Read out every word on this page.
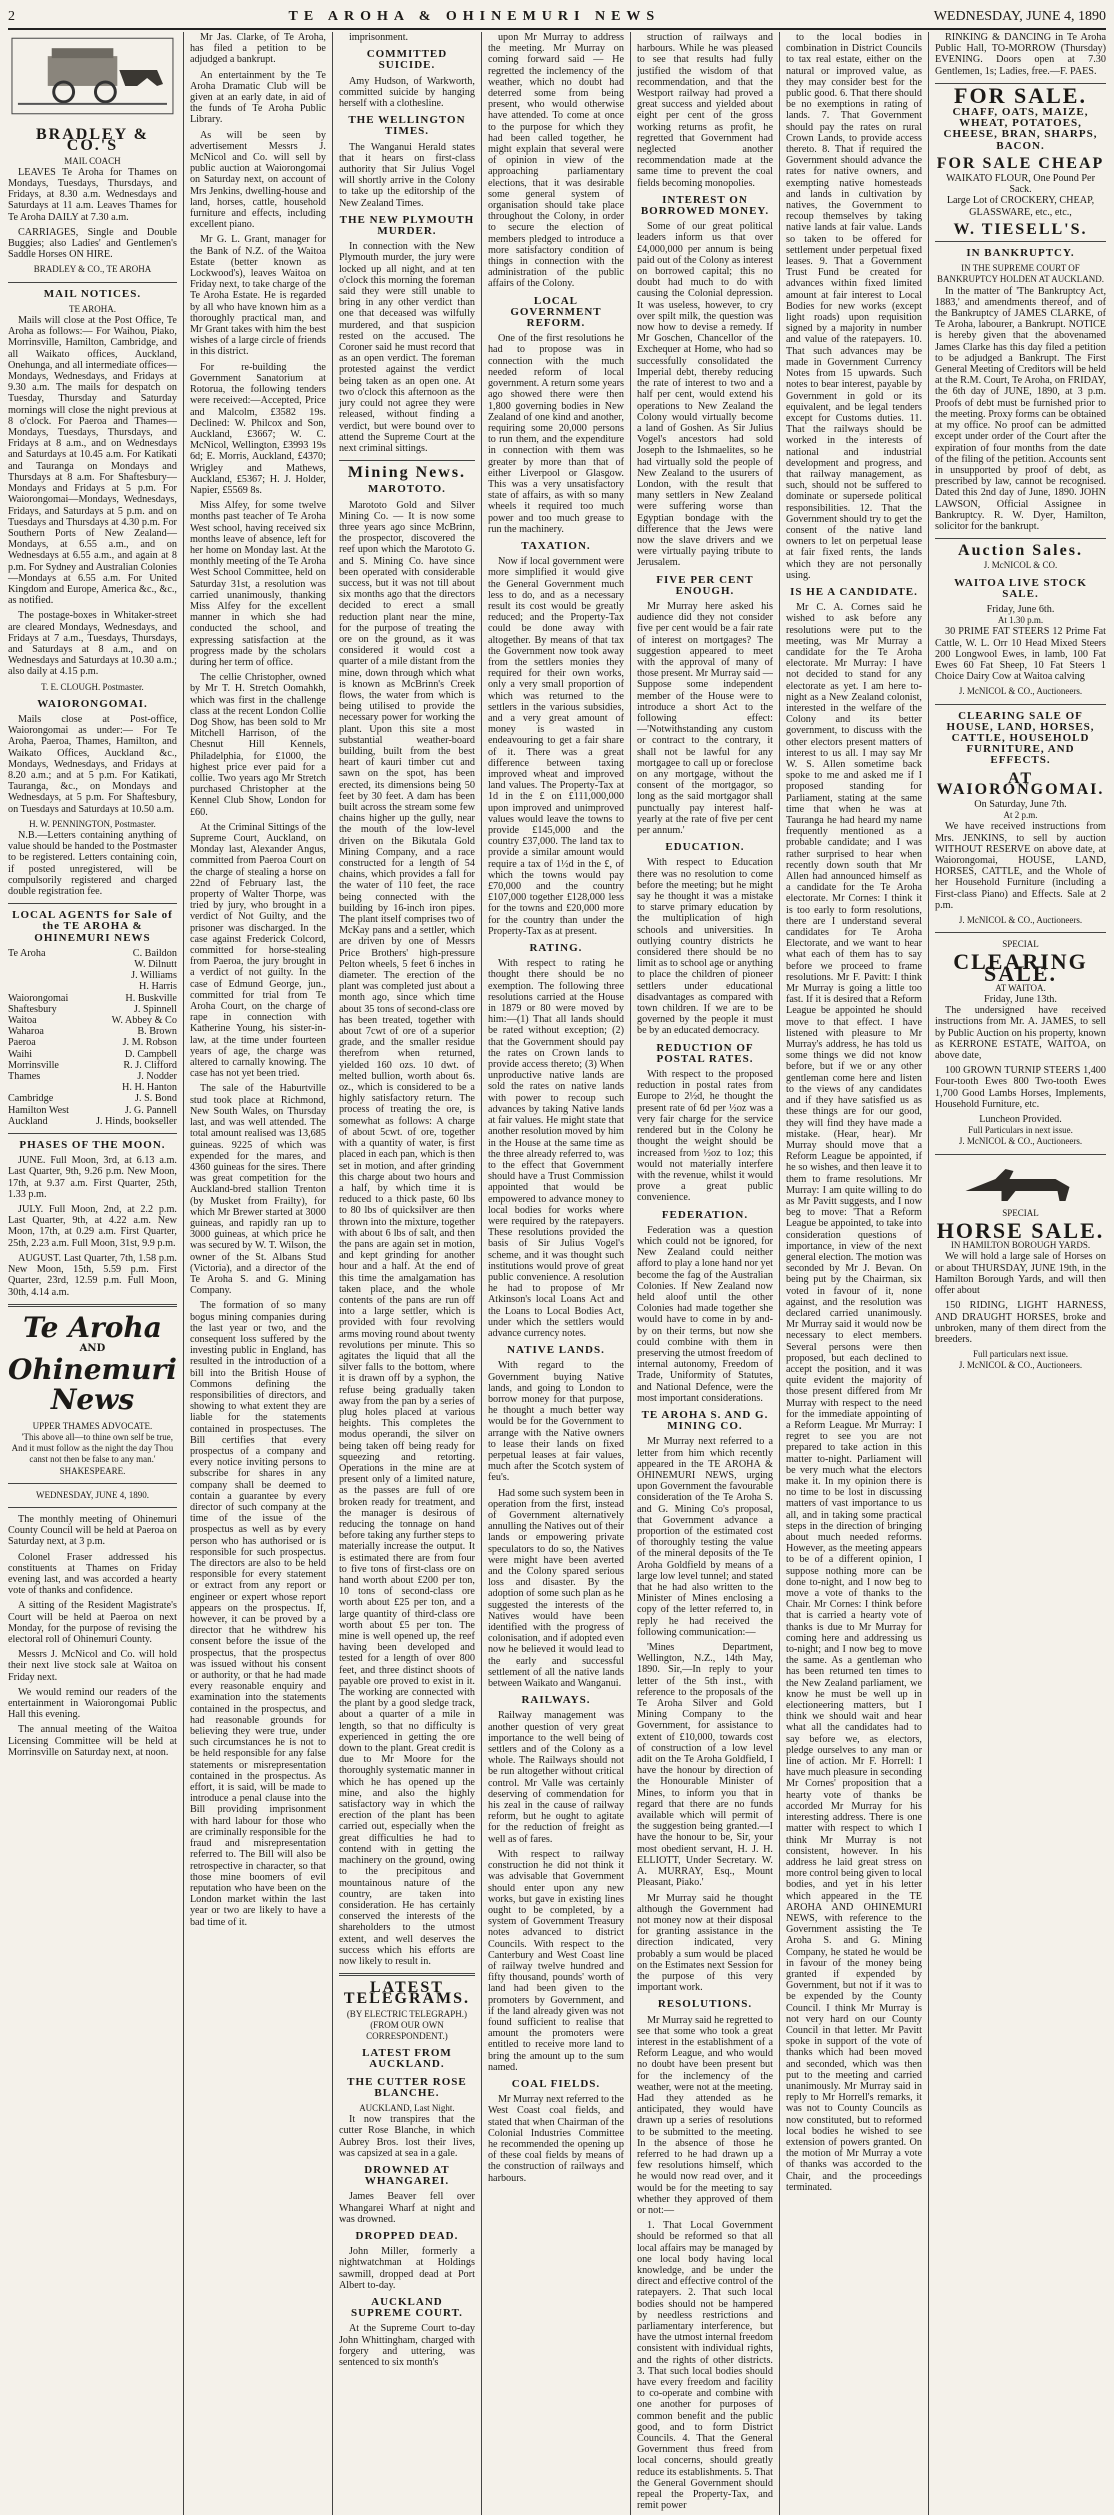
2	TE AROHA & OHINEMURI NEWS	WEDNESDAY, JUNE 4, 1890
BRADLEY & CO.'S
MAIL COACH

LEAVES Te Aroha for Thames on Mondays, Tuesdays, Thursdays, and Fridays, at 8.30 a.m. Wednesdays and Saturdays at 11 a.m. Leaves Thames for Te Aroha DAILY at 7.30 a.m.

CARRIAGES, Single and Double Buggies; also Ladies' and Gentlemen's Saddle Horses ON HIRE.

BRADLEY & CO., TE AROHA
MAIL NOTICES.
TE AROHA.

Mails will close at the Post Office, Te Aroha as follows:— For Waihou, Piako, Morrinsville, Hamilton, Cambridge, and all Waikato offices, Auckland, Onehunga, and all intermediate offices—Mondays, Wednesdays, and Fridays at 9.30 a.m. The mails for despatch on Tuesday, Thursday and Saturday mornings will close the night previous at 8 o'clock. For Paeroa and Thames—Mondays, Tuesdays, Thursdays, and Fridays at 8 a.m., and on Wednesdays and Saturdays at 10.45 a.m. For Katikati and Tauranga on Mondays and Thursdays at 8 a.m. For Shaftesbury—Mondays and Fridays at 5 p.m. For Waiorongomai—Mondays, Wednesdays, Fridays, and Saturdays at 5 p.m. and on Tuesdays and Thursdays at 4.30 p.m. For Southern Ports of New Zealand—Mondays, at 6.55 a.m., and on Wednesdays at 6.55 a.m., and again at 8 p.m. For Sydney and Australian Colonies—Mondays at 6.55 a.m. For United Kingdom and Europe, America &c., &c., as notified.

The postage-boxes in Whitaker-street are cleared Mondays, Wednesdays, and Fridays at 7 a.m., Tuesdays, Thursdays, and Saturdays at 8 a.m., and on Wednesdays and Saturdays at 10.30 a.m.; also daily at 4.15 p.m.

T. E. CLOUGH. Postmaster.
WAIORONGOMAI.

Mails close at Post-office, Waiorongomai as under:— For Te Aroha, Paeroa, Thames, Hamilton, and Waikato Offices, Auckland &c., Mondays, Wednesdays, and Fridays at 8.20 a.m.; and at 5 p.m. For Katikati, Tauranga, &c., on Mondays and Wednesdays, at 5 p.m. For Shaftesbury, on Tuesdays and Saturdays at 10.50 a.m.

H. W. PENNINGTON, Postmaster.

N.B.—Letters containing anything of value should be handed to the Postmaster to be registered. Letters containing coin, if posted unregistered, will be compulsorily registered and charged double registration fee.

LOCAL AGENTS for Sale of the TE AROHA & OHINEMURI NEWS
Te Aroha	C. Baildon
W. Dilnutt
J. Williams
H. Harris
Waiorongomai	H. Buskville
Shaftesbury	J. Spinnell
Waitoa	W. Abbey & Co
Waharoa	B. Brown
Paeroa	J. M. Robson
Waihi	D. Campbell
Morrinsville	R. J. Clifford
Thames	J. Nodder
H. H. Hanton
Cambridge	J. S. Bond
Hamilton West	J. G. Pannell
Auckland	J. Hinds, bookseller
PHASES OF THE MOON.

JUNE. Full Moon, 3rd, at 6.13 a.m. Last Quarter, 9th, 9.26 p.m. New Moon, 17th, at 9.37 a.m. First Quarter, 25th, 1.33 p.m.

JULY. Full Moon, 2nd, at 2.2 p.m. Last Quarter, 9th, at 4.22 a.m. New Moon, 17th, at 0.29 a.m. First Quarter, 25th, 2.23 a.m. Full Moon, 31st, 9.9 p.m.

AUGUST. Last Quarter, 7th, 1.58 p.m. New Moon, 15th, 5.59 p.m. First Quarter, 23rd, 12.59 p.m. Full Moon, 30th, 4.14 a.m.

Te Aroha
AND
Ohinemuri News
UPPER THAMES ADVOCATE.

'This above all—to thine own self be true, And it must follow as the night the day Thou canst not then be false to any man.' SHAKESPEARE.

WEDNESDAY, JUNE 4, 1890.

The monthly meeting of Ohinemuri County Council will be held at Paeroa on Saturday next, at 3 p.m.

Colonel Fraser addressed his constituents at Thames on Friday evening last, and was accorded a hearty vote of thanks and confidence.

A sitting of the Resident Magistrate's Court will be held at Paeroa on next Monday, for the purpose of revising the electoral roll of Ohinemuri County.

Messrs J. McNicol and Co. will hold their next live stock sale at Waitoa on Friday next.

We would remind our readers of the entertainment in Waiorongomai Public Hall this evening.

The annual meeting of the Waitoa Licensing Committee will be held at Morrinsville on Saturday next, at noon.

Mr Jas. Clarke, of Te Aroha, has filed a petition to be adjudged a bankrupt.

An entertainment by the Te Aroha Dramatic Club will be given at an early date, in aid of the funds of Te Aroha Public Library.

As will be seen by advertisement Messrs J. McNicol and Co. will sell by public auction at Waiorongomai on Saturday next, on account of Mrs Jenkins, dwelling-house and land, horses, cattle, household furniture and effects, including excellent piano.

Mr G. L. Grant, manager for the Bank of N.Z. of the Waitoa Estate (better known as Lockwood's), leaves Waitoa on Friday next, to take charge of the Te Aroha Estate. He is regarded by all who have known him as a thoroughly practical man, and Mr Grant takes with him the best wishes of a large circle of friends in this district.

For re-building the Government Sanatorium at Rotorua, the following tenders were received:—Accepted, Price and Malcolm, £3582 19s. Declined: W. Philcox and Son, Auckland, £3667; W. C. McNicol, Wellington, £3993 19s 6d; E. Morris, Auckland, £4370; Wrigley and Mathews, Auckland, £5367; H. J. Holder, Napier, £5569 8s.

Miss Alfey, for some twelve months past teacher of Te Aroha West school, having received six months leave of absence, left for her home on Monday last. At the monthly meeting of the Te Aroha West School Committee, held on Saturday 31st, a resolution was carried unanimously, thanking Miss Alfey for the excellent manner in which she had conducted the school, and expressing satisfaction at the progress made by the scholars during her term of office.

The cellie Christopher, owned by Mr T. H. Stretch Oomahkh, which was first in the challenge class at the recent London Collie Dog Show, has been sold to Mr Mitchell Harrison, of the Chesnut Hill Kennels, Philadelphia, for £1000, the highest price ever paid for a collie. Two years ago Mr Stretch purchased Christopher at the Kennel Club Show, London for £60.

At the Criminal Sittings of the Supreme Court, Auckland, on Monday last, Alexander Angus, committed from Paeroa Court on the charge of stealing a horse on 22nd of February last, the property of Walter Thorpe, was tried by jury, who brought in a verdict of Not Guilty, and the prisoner was discharged. In the case against Frederick Colcord, committed for horse-stealing from Paeroa, the jury brought in a verdict of not guilty. In the case of Edmund George, jun., committed for trial from Te Aroha Court, on the charge of rape in connection with Katherine Young, his sister-in-law, at the time under fourteen years of age, the charge was altered to carnally knowing. The case has not yet been tried.

The sale of the Haburtville stud took place at Richmond, New South Wales, on Thursday last, and was well attended. The total amount realised was 13,685 guineas. 9225 of which was expended for the mares, and 4360 guineas for the sires. There was great competition for the Auckland-bred stallion Trenton (by Musket from Frailty), for which Mr Brewer started at 3000 guineas, and rapidly ran up to 3000 guineas, at which price he was secured by W. T. Wilson, the owner of the St. Albans Stud (Victoria), and a director of the Te Aroha S. and G. Mining Company.

The formation of so many bogus mining companies during the last year or two, and the consequent loss suffered by the investing public in England, has resulted in the introduction of a bill into the British House of Commons defining the responsibilities of directors, and showing to what extent they are liable for the statements contained in prospectuses. The Bill certifies that every prospectus of a company and every notice inviting persons to subscribe for shares in any company shall be deemed to contain a guarantee by every director of such company at the time of the issue of the prospectus as well as by every person who has authorised or is responsible for such prospectus. The directors are also to be held responsible for every statement or extract from any report or engineer or expert whose report appears on the prospectus. If, however, it can be proved by a director that he withdrew his consent before the issue of the prospectus, that the prospectus was issued without his consent or authority, or that he had made every reasonable enquiry and examination into the statements contained in the prospectus, and had reasonable grounds for believing they were true, under such circumstances he is not to be held responsible for any false statements or misrepresentation contained in the prospectus. As effort, it is said, will be made to introduce a penal clause into the Bill providing imprisonment with hard labour for those who are criminally responsible for the fraud and misrepresentation referred to. The Bill will also be retrospective in character, so that those mine boomers of evil reputation who have been on the London market within the last year or two are likely to have a bad time of it.

imprisonment.

COMMITTED SUICIDE.

Amy Hudson, of Warkworth, committed suicide by hanging herself with a clothesline.

THE WELLINGTON TIMES.

The Wanganui Herald states that it hears on first-class authority that Sir Julius Vogel will shortly arrive in the Colony to take up the editorship of the New Zealand Times.

THE NEW PLYMOUTH MURDER.

In connection with the New Plymouth murder, the jury were locked up all night, and at ten o'clock this morning the foreman said they were still unable to bring in any other verdict than one that deceased was wilfully murdered, and that suspicion rested on the accused. The Coroner said he must record that as an open verdict. The foreman protested against the verdict being taken as an open one. At two o'clock this afternoon as the jury could not agree they were released, without finding a verdict, but were bound over to attend the Supreme Court at the next criminal sittings.

Mining News.
MAROTOTO.

Marototo Gold and Silver Mining Co. — It is now some three years ago since McBrinn, the prospector, discovered the reef upon which the Marototo G. and S. Mining Co. have since been operated with considerable success, but it was not till about six months ago that the directors decided to erect a small reduction plant near the mine, for the purpose of treating the ore on the ground, as it was considered it would cost a quarter of a mile distant from the mine, down through which what is known as McBrinn's Creek flows, the water from which is being utilised to provide the necessary power for working the plant. Upon this site a most substantial weather-board building, built from the best heart of kauri timber cut and sawn on the spot, has been erected, its dimensions being 50 feet by 30 feet. A dam has been built across the stream some few chains higher up the gully, near the mouth of the low-level driven on the Bikutala Gold Mining Company, and a race constructed for a length of 54 chains, which provides a fall for the water of 110 feet, the race being connected with the building by 16-inch iron pipes. The plant itself comprises two of McKay pans and a settler, which are driven by one of Messrs Price Brothers' high-pressure Pelton wheels, 5 feet 6 inches in diameter. The erection of the plant was completed just about a month ago, since which time about 35 tons of second-class ore has been treated, together with about 7cwt of ore of a superior grade, and the smaller residue therefrom when returned, yielded 160 ozs. 10 dwt. of melted bullion, worth about 6s. oz., which is considered to be a highly satisfactory return. The process of treating the ore, is somewhat as follows: A charge of about 5cwt. of ore, together with a quantity of water, is first placed in each pan, which is then set in motion, and after grinding this charge about two hours and a half, by which time it is reduced to a thick paste, 60 lbs to 80 lbs of quicksilver are then thrown into the mixture, together with about 6 lbs of salt, and then the pans are again set in motion, and kept grinding for another hour and a half. At the end of this time the amalgamation has taken place, and the whole contents of the pans are run off into a large settler, which is provided with four revolving arms moving round about twenty revolutions per minute. This so agitates the liquid that all the silver falls to the bottom, where it is drawn off by a syphon, the refuse being gradually taken away from the pan by a series of plug holes placed at various heights. This completes the modus operandi, the silver on being taken off being ready for squeezing and retorting. Operations in the mine are at present only of a limited nature, as the passes are full of ore broken ready for treatment, and the manager is desirous of reducing the tonnage on hand before taking any further steps to materially increase the output. It is estimated there are from four to five tons of first-class ore on hand worth about £200 per ton, 10 tons of second-class ore worth about £25 per ton, and a large quantity of third-class ore worth about £5 per ton. The mine is well opened up, the reef having been developed and tested for a length of over 800 feet, and three distinct shoots of payable ore proved to exist in it. The working are connected with the plant by a good sledge track, about a quarter of a mile in length, so that no difficulty is experienced in getting the ore down to the plant. Great credit is due to Mr Moore for the thoroughly systematic manner in which he has opened up the mine, and also the highly satisfactory way in which the erection of the plant has been carried out, especially when the great difficulties he had to contend with in getting the machinery on the ground, owing to the precipitous and mountainous nature of the country, are taken into consideration. He has certainly conserved the interests of the shareholders to the utmost extent, and well deserves the success which his efforts are now likely to result in.

LATEST TELEGRAMS.
(BY ELECTRIC TELEGRAPH.)
(FROM OUR OWN CORRESPONDENT.)
LATEST FROM AUCKLAND.
THE CUTTER ROSE BLANCHE.
AUCKLAND, Last Night.

It now transpires that the cutter Rose Blanche, in which Aubrey Bros. lost their lives, was capsized at sea in a gale.

DROWNED AT WHANGAREI.

James Beaver fell over Whangarei Wharf at night and was drowned.

DROPPED DEAD.

John Miller, formerly a nightwatchman at Holdings sawmill, dropped dead at Port Albert to-day.

AUCKLAND SUPREME COURT.

At the Supreme Court to-day John Whittingham, charged with forgery and uttering, was sentenced to six month's

upon Mr Murray to address the meeting. Mr Murray on coming forward said — He regretted the inclemency of the weather, which no doubt had deterred some from being present, who would otherwise have attended. To come at once to the purpose for which they had been called together, he might explain that several were of opinion in view of the approaching parliamentary elections, that it was desirable some general system of organisation should take place throughout the Colony, in order to secure the election of members pledged to introduce a more satisfactory condition of things in connection with the administration of the public affairs of the Colony.

LOCAL GOVERNMENT REFORM.

One of the first resolutions he had to propose was in connection with the much needed reform of local government. A return some years ago showed there were then 1,800 governing bodies in New Zealand of one kind and another, requiring some 20,000 persons to run them, and the expenditure in connection with them was greater by more than that of either Liverpool or Glasgow. This was a very unsatisfactory state of affairs, as with so many wheels it required too much power and too much grease to run the machinery.

TAXATION.

Now if local government were more simplified it would give the General Government much less to do, and as a necessary result its cost would be greatly reduced; and the Property-Tax could be done away with altogether. By means of that tax the Government now took away from the settlers monies they required for their own works, only a very small proportion of which was returned to the settlers in the various subsidies, and a very great amount of money is wasted in endeavouring to get a fair share of it. There was a great difference between taxing improved wheat and improved land values. The Property-Tax at 1d in the £ on £111,000,000 upon improved and unimproved values would leave the towns to provide £145,000 and the country £37,000. The land tax to provide a similar amount would require a tax of 1½d in the £, of which the towns would pay £70,000 and the country £107,000 together £128,000 less for the towns and £20,000 more for the country than under the Property-Tax as at present.

RATING.

With respect to rating he thought there should be no exemption. The following three resolutions carried at the House in 1879 or 80 were moved by him:—(1) That all lands should be rated without exception; (2) that the Government should pay the rates on Crown lands to provide access thereto; (3) When unproductive native lands are sold the rates on native lands with power to recoup such advances by taking Native lands at fair values. He might state that another resolution moved by him in the House at the same time as the three already referred to, was to the effect that Government should have a Trust Commission appointed that would be empowered to advance money to local bodies for works where were required by the ratepayers. These resolutions provided the basis of Sir Julius Vogel's scheme, and it was thought such institutions would prove of great public convenience. A resolution he had to propose of Mr Atkinson's local Loans Act and the Loans to Local Bodies Act, under which the settlers would advance currency notes.

NATIVE LANDS.

With regard to the Government buying Native lands, and going to London to borrow money for that purpose, he thought a much better way would be for the Government to arrange with the Native owners to lease their lands on fixed perpetual leases at fair values, much after the Scotch system of feu's.

Had some such system been in operation from the first, instead of Government alternatively annulling the Natives out of their lands or empowering private speculators to do so, the Natives were might have been averted and the Colony spared serious loss and disaster. By the adoption of some such plan as he suggested the interests of the Natives would have been identified with the progress of colonisation, and if adopted even now he believed it would lead to the early and successful settlement of all the native lands between Waikato and Wanganui.

RAILWAYS.

Railway management was another question of very great importance to the well being of settlers and of the Colony as a whole. The Railways should not be run altogether without critical control. Mr Valle was certainly deserving of commendation for his zeal in the cause of railway reform, but he ought to agitate for the reduction of freight as well as of fares.

With respect to railway construction he did not think it was advisable that Government should enter upon any new works, but gave in existing lines ought to be completed, by a system of Government Treasury notes advanced to district Councils. With respect to the Canterbury and West Coast line of railway twelve hundred and fifty thousand, pounds' worth of land had been given to the promoters by Government, and if the land already given was not found sufficient to realise that amount the promoters were entitled to receive more land to bring the amount up to the sum named.

COAL FIELDS.

Mr Murray next referred to the West Coast coal fields, and stated that when Chairman of the Colonial Industries Committee he recommended the opening up of these coal fields by means of the construction of railways and harbours.

struction of railways and harbours. While he was pleased to see that results had fully justified the wisdom of that recommendation, and that the Westport railway had proved a great success and yielded about eight per cent of the gross working returns as profit, he regretted that Government had neglected another recommendation made at the same time to prevent the coal fields becoming monopolies.

INTEREST ON BORROWED MONEY.

Some of our great political leaders inform us that over £4,000,000 per annum is being paid out of the Colony as interest on borrowed capital; this no doubt had much to do with causing the Colonial depression. It was useless, however, to cry over spilt milk, the question was now how to devise a remedy. If Mr Goschen, Chancellor of the Exchequer at Home, who had so successfully consolidated the Imperial debt, thereby reducing the rate of interest to two and a half per cent, would extend his operations to New Zealand the Colony would virtually become a land of Goshen. As Sir Julius Vogel's ancestors had sold Joseph to the Ishmaelites, so he had virtually sold the people of New Zealand to the usurers of London, with the result that many settlers in New Zealand were suffering worse than Egyptian bondage with the difference that the Jews were now the slave drivers and we were virtually paying tribute to Jerusalem.

FIVE PER CENT ENOUGH.

Mr Murray here asked his audience did they not consider five per cent would be a fair rate of interest on mortgages? The suggestion appeared to meet with the approval of many of those present. Mr Murray said — Suppose some independent member of the House were to introduce a short Act to the following effect:—'Notwithstanding any custom or contract to the contrary, it shall not be lawful for any mortgagee to call up or foreclose on any mortgage, without the consent of the mortgagor, so long as the said mortgagor shall punctually pay interest half-yearly at the rate of five per cent per annum.'

EDUCATION.

With respect to Education there was no resolution to come before the meeting; but he might say he thought it was a mistake to starve primary education by the multiplication of high schools and universities. In outlying country districts he considered there should be no limit as to school age or anything to place the children of pioneer settlers under educational disadvantages as compared with town children. If we are to be governed by the people it must be by an educated democracy.

REDUCTION OF POSTAL RATES.

With respect to the proposed reduction in postal rates from Europe to 2½d, he thought the present rate of 6d per ½oz was a very fair charge for the service rendered but in the Colony he thought the weight should be increased from ½oz to 1oz; this would not materially interfere with the revenue, whilst it would prove a great public convenience.

FEDERATION.

Federation was a question which could not be ignored, for New Zealand could neither afford to play a lone hand nor yet become the fag of the Australian Colonies. If New Zealand now held aloof until the other Colonies had made together she would have to come in by and-by on their terms, but now she could combine with them in preserving the utmost freedom of internal autonomy, Freedom of Trade, Uniformity of Statutes, and National Defence, were the most important considerations.

TE AROHA S. AND G. MINING CO.

Mr Murray next referred to a letter from him which recently appeared in the TE AROHA & OHINEMURI NEWS, urging upon Government the favourable consideration of the Te Aroha S. and G. Mining Co's proposal, that Government advance a proportion of the estimated cost of thoroughly testing the value of the mineral deposits of the Te Aroha Goldfield by means of a large low level tunnel; and stated that he had also written to the Minister of Mines enclosing a copy of the letter referred to, in reply he had received the following communication:—

'Mines Department, Wellington, N.Z., 14th May, 1890. Sir,—In reply to your letter of the 5th inst., with reference to the proposals of the Te Aroha Silver and Gold Mining Company to the Government, for assistance to extent of £10,000, towards cost of construction of a low level adit on the Te Aroha Goldfield, I have the honour by direction of the Honourable Minister of Mines, to inform you that in regard that there are no funds available which will permit of the suggestion being granted.—I have the honour to be, Sir, your most obedient servant, H. J. H. ELLIOTT, Under Secretary. W. A. MURRAY, Esq., Mount Pleasant, Piako.'

Mr Murray said he thought although the Government had not money now at their disposal for granting assistance in the direction indicated, very probably a sum would be placed on the Estimates next Session for the purpose of this very important work.

RESOLUTIONS.

Mr Murray said he regretted to see that some who took a great interest in the establishment of a Reform League, and who would no doubt have been present but for the inclemency of the weather, were not at the meeting. Had they attended as he anticipated, they would have drawn up a series of resolutions to be submitted to the meeting. In the absence of those he referred to he had drawn up a few resolutions himself, which he would now read over, and it would be for the meeting to say whether they approved of them or not:—

1. That Local Government should be reformed so that all local affairs may be managed by one local body having local knowledge, and be under the direct and effective control of the ratepayers. 2. That such local bodies should not be hampered by needless restrictions and parliamentary interference, but have the utmost internal freedom consistent with individual rights, and the rights of other districts. 3. That such local bodies should have every freedom and facility to co-operate and combine with one another for purposes of common benefit and the public good, and to form District Councils. 4. That the General Government thus freed from local concerns, should greatly reduce its establishments. 5. That the General Government should repeal the Property-Tax, and remit power

to the local bodies in combination in District Councils to tax real estate, either on the natural or improved value, as they may consider best for the public good. 6. That there should be no exemptions in rating of lands. 7. That Government should pay the rates on rural Crown Lands, to provide access thereto. 8. That if required the Government should advance the rates for native owners, and exempting native homesteads and lands in cultivation by natives, the Government to recoup themselves by taking native lands at fair value. Lands so taken to be offered for settlement under perpetual fixed leases. 9. That a Government Trust Fund be created for advances within fixed limited amount at fair interest to Local Bodies for new works (except light roads) upon requisition signed by a majority in number and value of the ratepayers. 10. That such advances may be made in Government Currency Notes from 15 upwards. Such notes to bear interest, payable by Government in gold or its equivalent, and be legal tenders except for Customs duties. 11. That the railways should be worked in the interests of national and industrial development and progress, and that railway management, as such, should not be suffered to dominate or supersede political responsibilities. 12. That the Government should try to get the consent of the native land owners to let on perpetual lease at fair fixed rents, the lands which they are not personally using.

IS HE A CANDIDATE.

Mr C. A. Cornes said he wished to ask before any resolutions were put to the meeting, was Mr Murray a candidate for the Te Aroha electorate. Mr Murray: I have not decided to stand for any electorate as yet. I am here to-night as a New Zealand colonist, interested in the welfare of the Colony and its better government, to discuss with the other electors present matters of interest to us all. I may say Mr W. S. Allen sometime back spoke to me and asked me if I proposed standing for Parliament, stating at the same time that when he was at Tauranga he had heard my name frequently mentioned as a probable candidate; and I was rather surprised to hear when recently down south that Mr Allen had announced himself as a candidate for the Te Aroha electorate. Mr Cornes: I think it is too early to form resolutions, there are I understand several candidates for Te Aroha Electorate, and we want to hear what each of them has to say before we proceed to frame resolutions. Mr F. Pavitt: I think Mr Murray is going a little too fast. If it is desired that a Reform League be appointed he should move to that effect. I have listened with pleasure to Mr Murray's address, he has told us some things we did not know before, but if we or any other gentleman come here and listen to the views of any candidates and if they have satisfied us as these things are for our good, they will find they have made a mistake. (Hear, hear). Mr Murray should move that a Reform League be appointed, if he so wishes, and then leave it to them to frame resolutions. Mr Murray: I am quite willing to do as Mr Pavitt suggests, and I now beg to move: 'That a Reform League be appointed, to take into consideration questions of importance, in view of the next general election. The motion was seconded by Mr J. Bevan. On being put by the Chairman, six voted in favour of it, none against, and the resolution was declared carried unanimously. Mr Murray said it would now be necessary to elect members. Several persons were then proposed, but each declined to accept the position, and it was quite evident the majority of those present differed from Mr Murray with respect to the need for the immediate appointing of a Reform League. Mr Murray: I regret to see you are not prepared to take action in this matter to-night. Parliament will be very much what the electors make it. In my opinion there is no time to be lost in discussing matters of vast importance to us all, and in taking some practical steps in the direction of bringing about much needed reforms. However, as the meeting appears to be of a different opinion, I suppose nothing more can be done to-night, and I now beg to move a vote of thanks to the Chair. Mr Cornes: I think before that is carried a hearty vote of thanks is due to Mr Murray for coming here and addressing us to-night; and I now beg to move the same. As a gentleman who has been returned ten times to the New Zealand parliament, we know he must be well up in electioneering matters, but I think we should wait and hear what all the candidates had to say before we, as electors, pledge ourselves to any man or line of action. Mr F. Horrell: I have much pleasure in seconding Mr Cornes' proposition that a hearty vote of thanks be accorded Mr Murray for his interesting address. There is one matter with respect to which I think Mr Murray is not consistent, however. In his address he laid great stress on more control being given to local bodies, and yet in his letter which appeared in the TE AROHA AND OHINEMURI NEWS, with reference to the Government assisting the Te Aroha S. and G. Mining Company, he stated he would be in favour of the money being granted if expended by Government, but not if it was to be expended by the County Council. I think Mr Murray is not very hard on our County Council in that letter. Mr Pavitt spoke in support of the vote of thanks which had been moved and seconded, which was then put to the meeting and carried unanimously. Mr Murray said in reply to Mr Horrell's remarks, it was not to County Councils as now constituted, but to reformed local bodies he wished to see extension of powers granted. On the motion of Mr Murray a vote of thanks was accorded to the Chair, and the proceedings terminated.

RINKING & DANCING in Te Aroha Public Hall, TO-MORROW (Thursday) EVENING. Doors open at 7.30 Gentlemen, 1s; Ladies, free.—F. PAES.

FOR SALE.
CHAFF, OATS, MAIZE, WHEAT, POTATOES, CHEESE, BRAN, SHARPS, BACON.
FOR SALE CHEAP
WAIKATO FLOUR, One Pound Per Sack.
Large Lot of CROCKERY, CHEAP, GLASSWARE, etc., etc.,
W. TIESELL'S.
IN BANKRUPTCY.
IN THE SUPREME COURT OF BANKRUPTCY HOLDEN AT AUCKLAND.

In the matter of 'The Bankruptcy Act, 1883,' and amendments thereof, and of the Bankruptcy of JAMES CLARKE, of Te Aroha, labourer, a Bankrupt. NOTICE is hereby given that the abovenamed James Clarke has this day filed a petition to be adjudged a Bankrupt. The First General Meeting of Creditors will be held at the R.M. Court, Te Aroha, on FRIDAY, the 6th day of JUNE, 1890, at 3 p.m. Proofs of debt must be furnished prior to the meeting. Proxy forms can be obtained at my office. No proof can be admitted except under order of the Court after the expiration of four months from the date of the filing of the petition. Accounts sent in unsupported by proof of debt, as prescribed by law, cannot be recognised. Dated this 2nd day of June, 1890. JOHN LAWSON, Official Assignee in Bankruptcy. R. W. Dyer, Hamilton, solicitor for the bankrupt.

Auction Sales.
J. McNICOL & CO.
WAITOA LIVE STOCK SALE.
Friday, June 6th.
At 1.30 p.m.

30 PRIME FAT STEERS 12 Prime Fat Cattle, W. L. Orr 10 Head Mixed Steers 200 Longwool Ewes, in lamb, 100 Fat Ewes 60 Fat Sheep, 10 Fat Steers 1 Choice Dairy Cow at Waitoa calving

J. McNICOL & CO., Auctioneers.
CLEARING SALE OF HOUSE, LAND, HORSES, CATTLE, HOUSEHOLD FURNITURE, AND EFFECTS.
AT WAIORONGOMAI.
On Saturday, June 7th.
At 2 p.m.

We have received instructions from Mrs. JENKINS, to sell by auction WITHOUT RESERVE on above date, at Waiorongomai, HOUSE, LAND, HORSES, CATTLE, and the Whole of her Household Furniture (including a First-class Piano) and Effects. Sale at 2 p.m.

J. McNICOL & CO., Auctioneers.
SPECIAL
CLEARING SALE.
AT WAITOA.
Friday, June 13th.

The undersigned have received instructions from Mr. A. JAMES, to sell by Public Auction on his property, known as KERRONE ESTATE, WAITOA, on above date,

100 GROWN TURNIP STEERS 1,400 Four-tooth Ewes 800 Two-tooth Ewes 1,700 Good Lambs Horses, Implements, Household Furniture, etc.

Luncheon Provided.
Full Particulars in next issue.
J. McNICOL & CO., Auctioneers.
SPECIAL
HORSE SALE.
IN HAMILTON BOROUGH YARDS.

We will hold a large sale of Horses on or about THURSDAY, JUNE 19th, in the Hamilton Borough Yards, and will then offer about

150 RIDING, LIGHT HARNESS, AND DRAUGHT HORSES, broke and unbroken, many of them direct from the breeders.

Full particulars next issue.
J. McNICOL & CO., Auctioneers.
